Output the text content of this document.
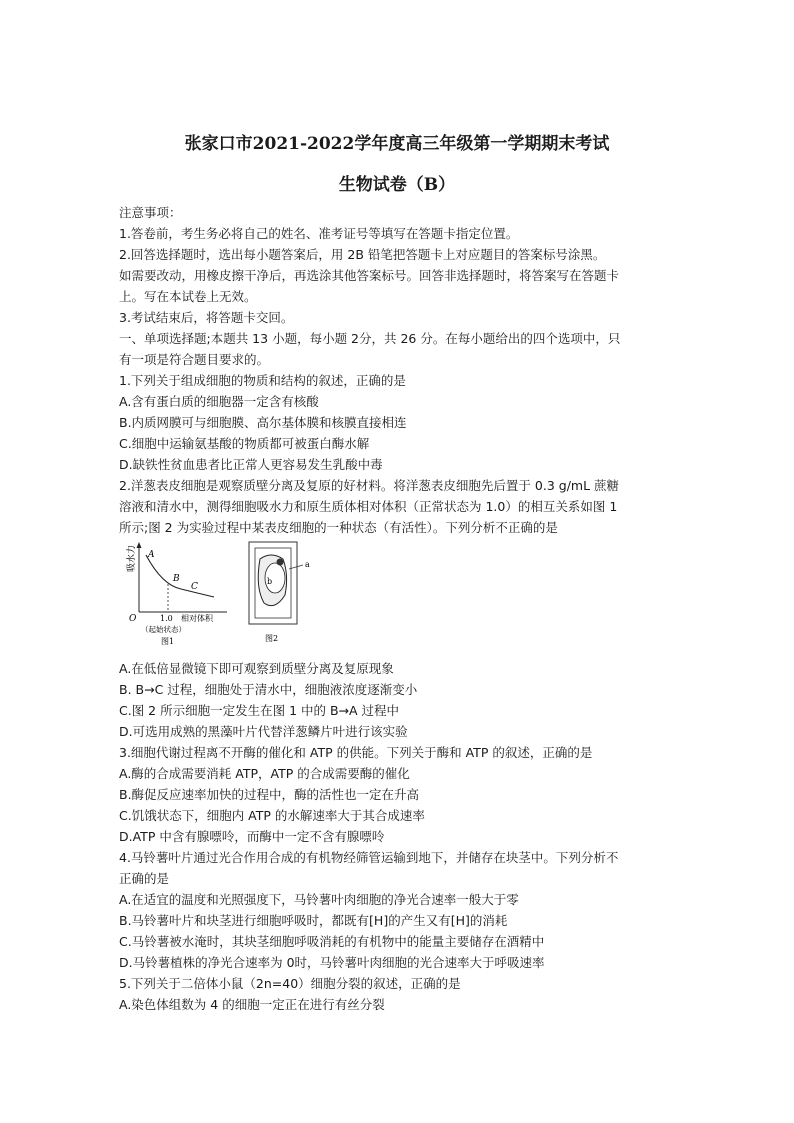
张家口市2021-2022学年度高三年级第一学期期末考试
生物试卷（B）
注意事项：
1.答卷前，考生务必将自己的姓名、准考证号等填写在答题卡指定位置。
2.回答选择题时，选出每小题答案后，用 2B 铅笔把答题卡上对应题目的答案标号涂黑。
如需要改动，用橡皮擦干净后，再选涂其他答案标号。回答非选择题时，将答案写在答题卡
上。写在本试卷上无效。
3.考试结束后，将答题卡交回。
一、单项选择题;本题共 13 小题，每小题 2分，共 26 分。在每小题给出的四个选项中，只
有一项是符合题目要求的。
1.下列关于组成细胞的物质和结构的叙述，正确的是
A.含有蛋白质的细胞器一定含有核酸
B.内质网膜可与细胞膜、高尔基体膜和核膜直接相连
C.细胞中运输氨基酸的物质都可被蛋白酶水解
D.缺铁性贫血患者比正常人更容易发生乳酸中毒
2.洋葱表皮细胞是观察质壁分离及复原的好材料。将洋葱表皮细胞先后置于 0.3 g/mL 蔗糖
溶液和清水中，测得细胞吸水力和原生质体相对体积（正常状态为 1.0）的相互关系如图 1
所示;图 2 为实验过程中某表皮细胞的一种状态（有活性）。下列分析不正确的是
吸水力 A
B
C
O	1.0 相对体积
（起始状态）
图1
a
b
图2
A.在低倍显微镜下即可观察到质壁分离及复原现象
B. B→C 过程，细胞处于清水中，细胞液浓度逐渐变小
C.图 2 所示细胞一定发生在图 1 中的 B→A 过程中
D.可选用成熟的黑藻叶片代替洋葱鳞片叶进行该实验
3.细胞代谢过程离不开酶的催化和 ATP 的供能。下列关于酶和 ATP 的叙述，正确的是
A.酶的合成需要消耗 ATP，ATP 的合成需要酶的催化
B.酶促反应速率加快的过程中，酶的活性也一定在升高
C.饥饿状态下，细胞内 ATP 的水解速率大于其合成速率
D.ATP 中含有腺嘌呤，而酶中一定不含有腺嘌呤
4.马铃薯叶片通过光合作用合成的有机物经筛管运输到地下，并储存在块茎中。下列分析不
正确的是
A.在适宜的温度和光照强度下，马铃薯叶肉细胞的净光合速率一般大于零
B.马铃薯叶片和块茎进行细胞呼吸时，都既有[H]的产生又有[H]的消耗
C.马铃薯被水淹时，其块茎细胞呼吸消耗的有机物中的能量主要储存在酒精中
D.马铃薯植株的净光合速率为 0时，马铃薯叶肉细胞的光合速率大于呼吸速率
5.下列关于二倍体小鼠（2n=40）细胞分裂的叙述，正确的是
A.染色体组数为 4 的细胞一定正在进行有丝分裂
